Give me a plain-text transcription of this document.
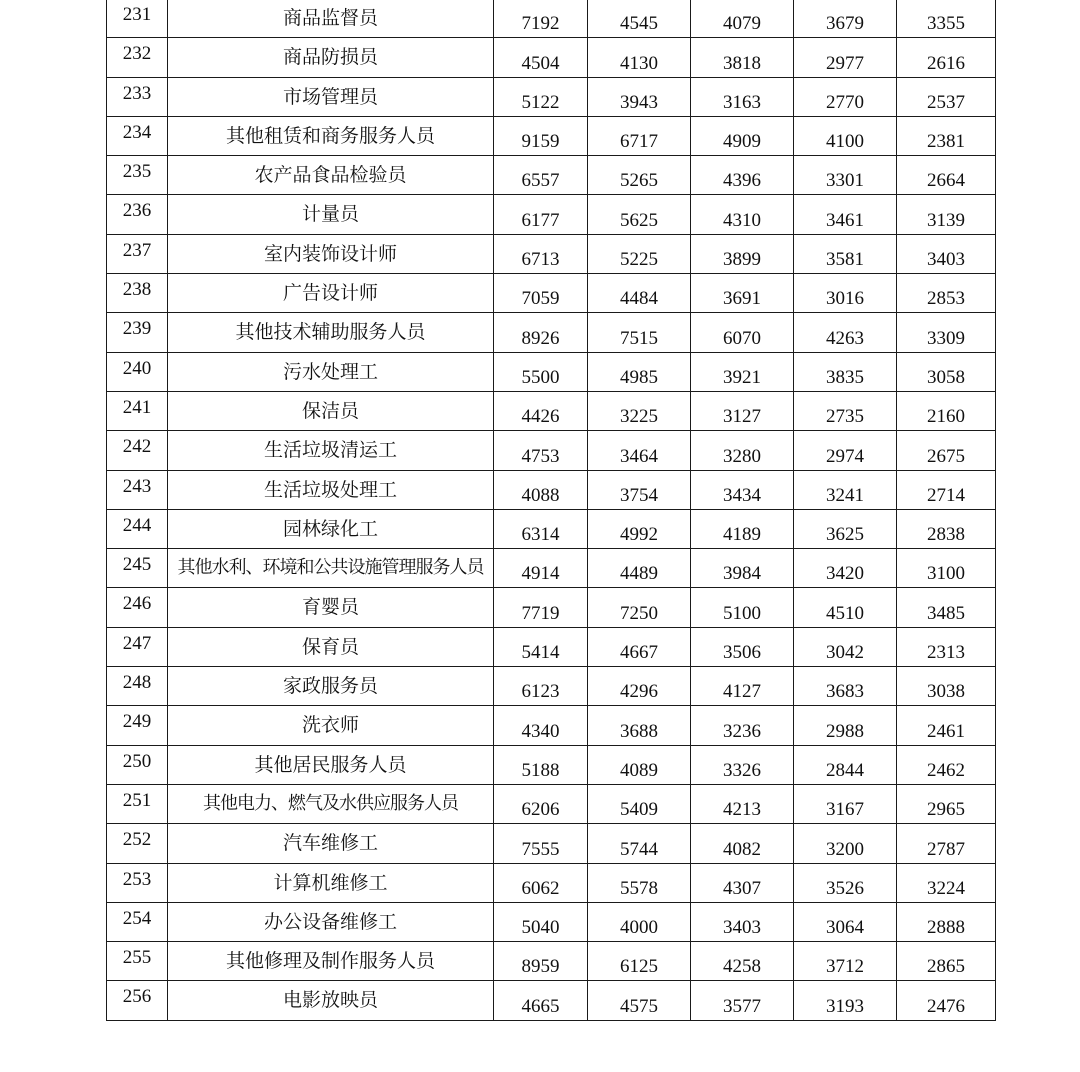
231	商品监督员	7192	4545	4079	3679	3355
232	商品防损员	4504	4130	3818	2977	2616
233	市场管理员	5122	3943	3163	2770	2537
234	其他租赁和商务服务人员	9159	6717	4909	4100	2381
235	农产品食品检验员	6557	5265	4396	3301	2664
236	计量员	6177	5625	4310	3461	3139
237	室内装饰设计师	6713	5225	3899	3581	3403
238	广告设计师	7059	4484	3691	3016	2853
239	其他技术辅助服务人员	8926	7515	6070	4263	3309
240	污水处理工	5500	4985	3921	3835	3058
241	保洁员	4426	3225	3127	2735	2160
242	生活垃圾清运工	4753	3464	3280	2974	2675
243	生活垃圾处理工	4088	3754	3434	3241	2714
244	园林绿化工	6314	4992	4189	3625	2838
245	其他水利、环境和公共设施管理服务人员	4914	4489	3984	3420	3100
246	育婴员	7719	7250	5100	4510	3485
247	保育员	5414	4667	3506	3042	2313
248	家政服务员	6123	4296	4127	3683	3038
249	洗衣师	4340	3688	3236	2988	2461
250	其他居民服务人员	5188	4089	3326	2844	2462
251	其他电力、燃气及水供应服务人员	6206	5409	4213	3167	2965
252	汽车维修工	7555	5744	4082	3200	2787
253	计算机维修工	6062	5578	4307	3526	3224
254	办公设备维修工	5040	4000	3403	3064	2888
255	其他修理及制作服务人员	8959	6125	4258	3712	2865
256	电影放映员	4665	4575	3577	3193	2476
